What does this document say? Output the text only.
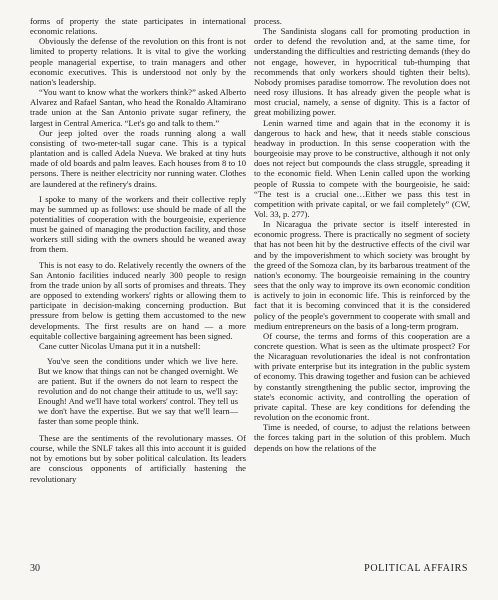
forms of property the state participates in international economic relations.

Obviously the defense of the revolution on this front is not limited to property relations. It is vital to give the working people managerial expertise, to train managers and other economic executives. This is understood not only by the nation's leadership.

“You want to know what the workers think?” asked Alberto Alvarez and Rafael Santan, who head the Ronaldo Altamirano trade union at the San Antonio private sugar refinery, the largest in Central America. “Let's go and talk to them.”

Our jeep jolted over the roads running along a wall consisting of two-meter-tall sugar cane. This is a typical plantation and is called Adela Nueva. We braked at tiny huts made of old boards and palm leaves. Each houses from 8 to 10 persons. There is neither electricity nor running water. Clothes are laundered at the refinery's drains.

I spoke to many of the workers and their collective reply may be summed up as follows: use should be made of all the potentialities of cooperation with the bourgeoisie, experience must be gained of managing the production facility, and those workers still siding with the owners should be weaned away from them.

This is not easy to do. Relatively recently the owners of the San Antonio facilities induced nearly 300 people to resign from the trade union by all sorts of promises and threats. They are opposed to extending workers' rights or allowing them to participate in decision-making concerning production. But pressure from below is getting them accustomed to the new developments. The first results are on hand — a more equitable collective bargaining agreement has been signed.

Cane cutter Nicolas Umana put it in a nutshell:

You've seen the conditions under which we live here. But we know that things can not be changed overnight. We are patient. But if the owners do not learn to respect the revolution and do not change their attitude to us, we'll say: Enough! And we'll have total workers' control. They tell us we don't have the expertise. But we say that we'll learn—faster than some people think.

These are the sentiments of the revolutionary masses. Of course, while the SNLF takes all this into account it is guided not by emotions but by sober political calculation. Its leaders are conscious opponents of artificially hastening the revolutionary

process.

The Sandinista slogans call for promoting production in order to defend the revolution and, at the same time, for understanding the difficulties and restricting demands (they do not engage, however, in hypocritical tub-thumping that recommends that only workers should tighten their belts). Nobody promises paradise tomorrow. The revolution does not need rosy illusions. It has already given the people what is most crucial, namely, a sense of dignity. This is a factor of great mobilizing power.

Lenin warned time and again that in the economy it is dangerous to hack and hew, that it needs stable conscious headway in production. In this sense cooperation with the bourgeoisie may prove to be constructive, although it not only does not reject but compounds the class struggle, spreading it to the economic field. When Lenin called upon the working people of Russia to compete with the bourgeoisie, he said: “The test is a crucial one…Either we pass this test in competition with private capital, or we fail completely” (CW, Vol. 33, p. 277).

In Nicaragua the private sector is itself interested in economic progress. There is practically no segment of society that has not been hit by the destructive effects of the civil war and by the impoverishment to which society was brought by the greed of the Somoza clan, by its barbarous treatment of the nation's economy. The bourgeoisie remaining in the country sees that the only way to improve its own economic condition is actively to join in economic life. This is reinforced by the fact that it is becoming convinced that it is the considered policy of the people's government to cooperate with small and medium entrepreneurs on the basis of a long-term program.

Of course, the terms and forms of this cooperation are a concrete question. What is seen as the ultimate prospect? For the Nicaraguan revolutionaries the ideal is not confrontation with private enterprise but its integration in the public system of economy. This drawing together and fusion can be achieved by constantly strengthening the public sector, improving the state's economic activity, and controlling the operation of private capital. These are key conditions for defending the revolution on the economic front.

Time is needed, of course, to adjust the relations between the forces taking part in the solution of this problem. Much depends on how the relations of the

30	POLITICAL AFFAIRS
